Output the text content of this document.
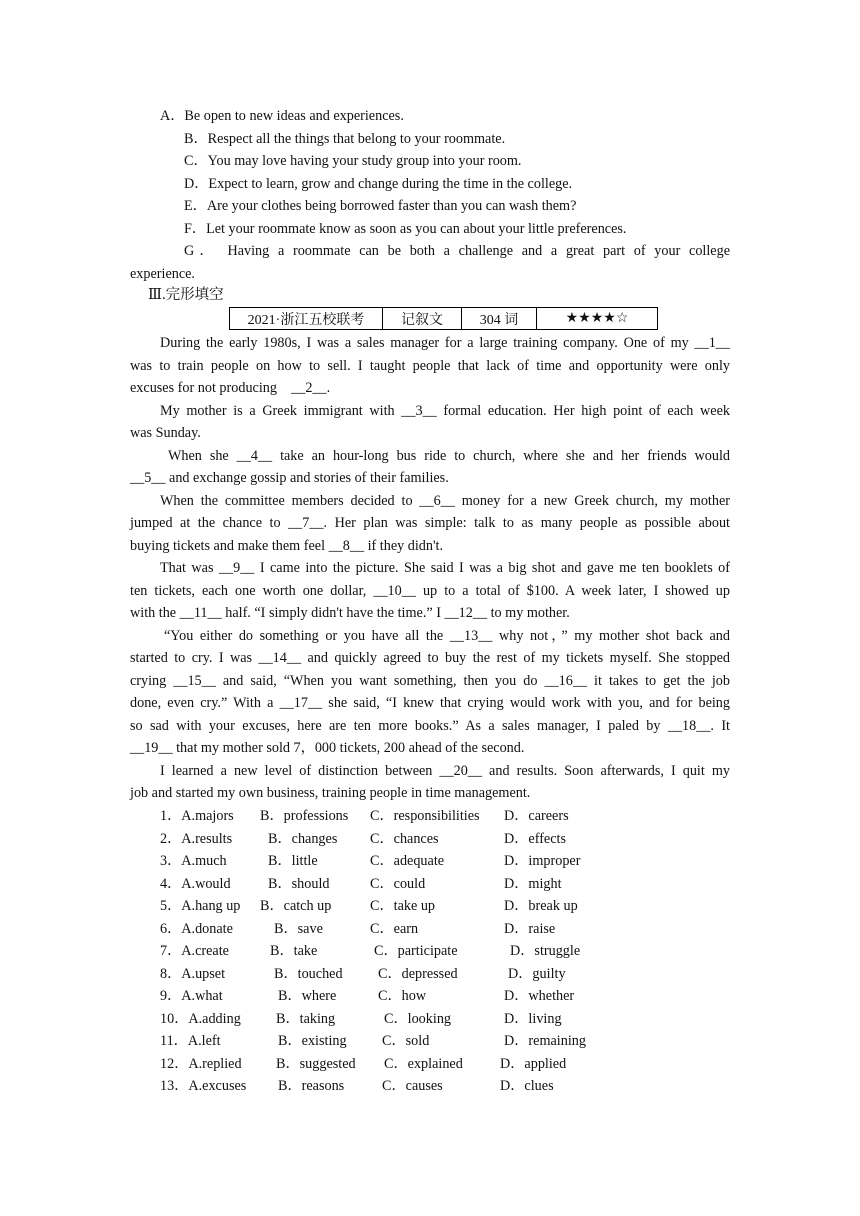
A．Be open to new ideas and experiences.
B．Respect all the things that belong to your roommate.
C．You may love having your study group into your room.
D．Expect to learn, grow and change during the time in the college.
E．Are your clothes being borrowed faster than you can wash them?
F．Let your roommate know as soon as you can about your little preferences.
G． Having a roommate can be both a challenge and a great part of your college
experience.
Ⅲ.完形填空
2021·浙江五校联考	记叙文	304 词	★★★★☆
During the early 1980s, I was a sales manager for a large training company. One of my __1__
was to train people on how to sell. I taught people that lack of time and opportunity were only
excuses for not producing    __2__.
My mother is a Greek immigrant with __3__ formal education. Her high point of each week
was Sunday.
When she __4__ take an hour-long bus ride to church, where she and her friends would
__5__ and exchange gossip and stories of their families.
When the committee members decided to __6__ money for a new Greek church, my mother
jumped at the chance to __7__. Her plan was simple: talk to as many people as possible about
buying tickets and make them feel __8__ if they didn't.
That was __9__ I came into the picture. She said I was a big shot and gave me ten booklets of
ten tickets, each one worth one dollar, __10__ up to a total of $100. A week later, I showed up
with the __11__ half. “I simply didn't have the time.” I __12__ to my mother.
“You either do something or you have all the __13__ why not，” my mother shot back and
started to cry. I was __14__ and quickly agreed to buy the rest of my tickets myself. She stopped
crying __15__ and said, “When you want something, then you do __16__ it takes to get the job
done, even cry.” With a __17__ she said, “I knew that crying would work with you, and for being
so sad with your excuses, here are ten more books.” As a sales manager, I paled by __18__. It
__19__ that my mother sold 7，000 tickets, 200 ahead of the second.
I learned a new level of distinction between __20__ and results. Soon afterwards, I quit my
job and started my own business, training people in time management.
1．A.majors B．professions C．responsibilities D．careers
2．A.results	B．changes C．chances	D．effects
3．A.much	B．little	C．adequate	D．improper
4．A.would	B．should	C．could	D．might
5．A.hang up B．catch up	C．take up	D．break up
6．A.donate	B．save	C．earn	D．raise
7．A.create	B．take	C．participate	D．struggle
8．A.upset	B．touched C．depressed	D．guilty
9．A.what	B．where	C．how	D．whether
10．A.adding B．taking	C．looking	D．living
11．A.left	B．existing C．sold	D．remaining
12．A.replied B．suggested C．explained	D．applied
13．A.excuses B．reasons	C．causes	D．clues
